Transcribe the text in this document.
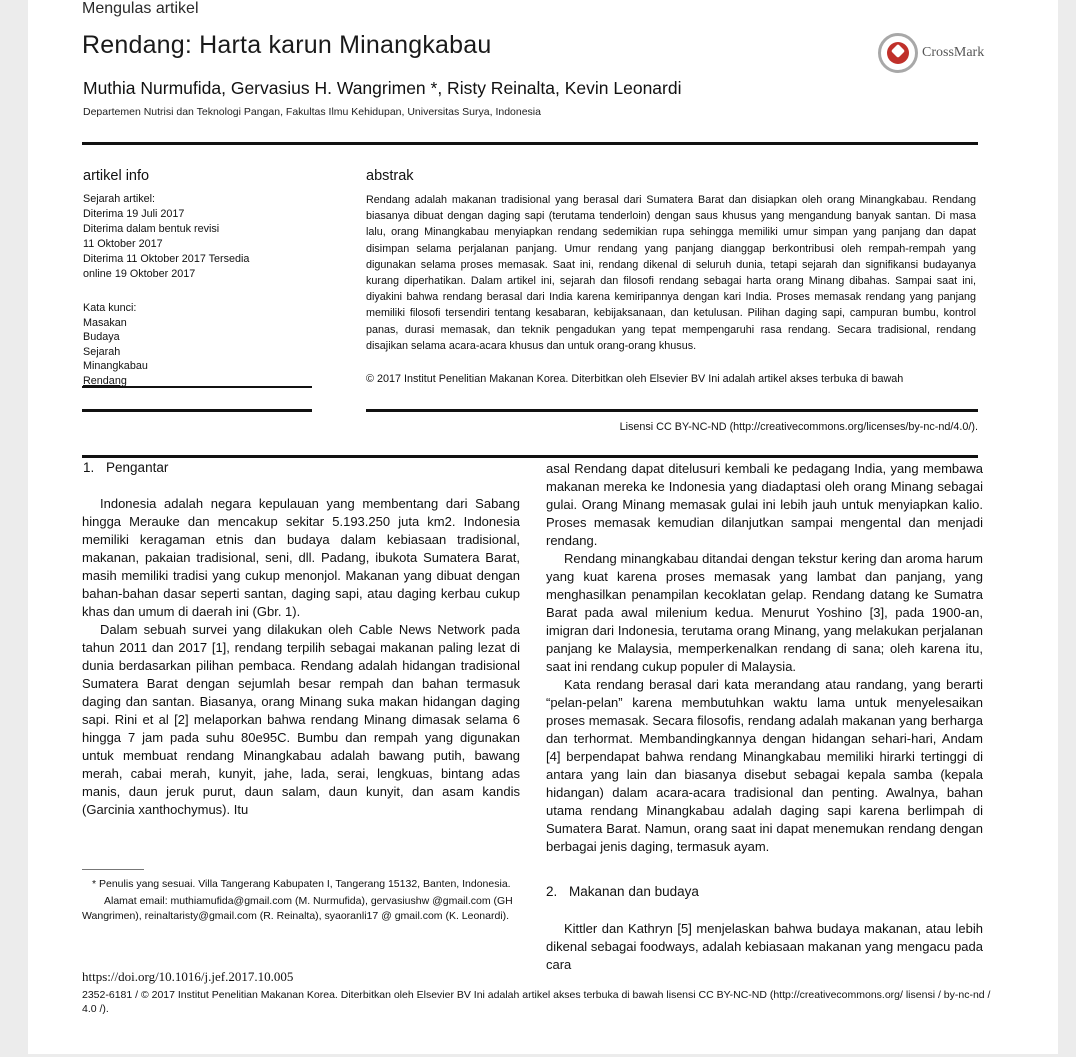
Mengulas artikel
Rendang: Harta karun Minangkabau	CrossMark
Muthia Nurmufida, Gervasius H. Wangrimen *, Risty Reinalta, Kevin Leonardi
Departemen Nutrisi dan Teknologi Pangan, Fakultas Ilmu Kehidupan, Universitas Surya, Indonesia
artikel info
Sejarah artikel:
Diterima 19 Juli 2017
Diterima dalam bentuk revisi
11 Oktober 2017
Diterima 11 Oktober 2017 Tersedia
online 19 Oktober 2017
Kata kunci:
Masakan
Budaya
Sejarah
Minangkabau
Rendang
abstrak
Rendang adalah makanan tradisional yang berasal dari Sumatera Barat dan disiapkan oleh orang Minangkabau. Rendang biasanya dibuat dengan daging sapi (terutama tenderloin) dengan saus khusus yang mengandung banyak santan. Di masa lalu, orang Minangkabau menyiapkan rendang sedemikian rupa sehingga memiliki umur simpan yang panjang dan dapat disimpan selama perjalanan panjang. Umur rendang yang panjang dianggap berkontribusi oleh rempah-rempah yang digunakan selama proses memasak. Saat ini, rendang dikenal di seluruh dunia, tetapi sejarah dan signifikansi budayanya kurang diperhatikan. Dalam artikel ini, sejarah dan filosofi rendang sebagai harta orang Minang dibahas. Sampai saat ini, diyakini bahwa rendang berasal dari India karena kemiripannya dengan kari India. Proses memasak rendang yang panjang memiliki filosofi tersendiri tentang kesabaran, kebijaksanaan, dan ketulusan. Pilihan daging sapi, campuran bumbu, kontrol panas, durasi memasak, dan teknik pengadukan yang tepat mempengaruhi rasa rendang. Secara tradisional, rendang disajikan selama acara-acara khusus dan untuk orang-orang khusus.
© 2017 Institut Penelitian Makanan Korea. Diterbitkan oleh Elsevier BV Ini adalah artikel akses terbuka di bawah
Lisensi CC BY-NC-ND (http://creativecommons.org/licenses/by-nc-nd/4.0/).
1. Pengantar

Indonesia adalah negara kepulauan yang membentang dari Sabang hingga Merauke dan mencakup sekitar 5.193.250 juta km2. Indonesia memiliki keragaman etnis dan budaya dalam kebiasaan tradisional, makanan, pakaian tradisional, seni, dll. Padang, ibukota Sumatera Barat, masih memiliki tradisi yang cukup menonjol. Makanan yang dibuat dengan bahan-bahan dasar seperti santan, daging sapi, atau daging kerbau cukup khas dan umum di daerah ini (Gbr. 1).

Dalam sebuah survei yang dilakukan oleh Cable News Network pada tahun 2011 dan 2017 [1], rendang terpilih sebagai makanan paling lezat di dunia berdasarkan pilihan pembaca. Rendang adalah hidangan tradisional Sumatera Barat dengan sejumlah besar rempah dan bahan termasuk daging dan santan. Biasanya, orang Minang suka makan hidangan daging sapi. Rini et al [2] melaporkan bahwa rendang Minang dimasak selama 6 hingga 7 jam pada suhu 80e95C. Bumbu dan rempah yang digunakan untuk membuat rendang Minangkabau adalah bawang putih, bawang merah, cabai merah, kunyit, jahe, lada, serai, lengkuas, bintang adas manis, daun jeruk purut, daun salam, daun kunyit, dan asam kandis (Garcinia xanthochymus). Itu

* Penulis yang sesuai. Villa Tangerang Kabupaten I, Tangerang 15132, Banten, Indonesia.

Alamat email: muthiamufida@gmail.com (M. Nurmufida), gervasiushw @gmail.com (GH Wangrimen), reinaltaristy@gmail.com (R. Reinalta), syaoranli17 @ gmail.com (K. Leonardi).

asal Rendang dapat ditelusuri kembali ke pedagang India, yang membawa makanan mereka ke Indonesia yang diadaptasi oleh orang Minang sebagai gulai. Orang Minang memasak gulai ini lebih jauh untuk menyiapkan kalio. Proses memasak kemudian dilanjutkan sampai mengental dan menjadi rendang.

Rendang minangkabau ditandai dengan tekstur kering dan aroma harum yang kuat karena proses memasak yang lambat dan panjang, yang menghasilkan penampilan kecoklatan gelap. Rendang datang ke Sumatra Barat pada awal milenium kedua. Menurut Yoshino [3], pada 1900-an, imigran dari Indonesia, terutama orang Minang, yang melakukan perjalanan panjang ke Malaysia, memperkenalkan rendang di sana; oleh karena itu, saat ini rendang cukup populer di Malaysia.

Kata rendang berasal dari kata merandang atau randang, yang berarti “pelan-pelan” karena membutuhkan waktu lama untuk menyelesaikan proses memasak. Secara filosofis, rendang adalah makanan yang berharga dan terhormat. Membandingkannya dengan hidangan sehari-hari, Andam [4] berpendapat bahwa rendang Minangkabau memiliki hirarki tertinggi di antara yang lain dan biasanya disebut sebagai kepala samba (kepala hidangan) dalam acara-acara tradisional dan penting. Awalnya, bahan utama rendang Minangkabau adalah daging sapi karena berlimpah di Sumatera Barat. Namun, orang saat ini dapat menemukan rendang dengan berbagai jenis daging, termasuk ayam.

2. Makanan dan budaya

Kittler dan Kathryn [5] menjelaskan bahwa budaya makanan, atau lebih dikenal sebagai foodways, adalah kebiasaan makanan yang mengacu pada cara

https://doi.org/10.1016/j.jef.2017.10.005
2352-6181 / © 2017 Institut Penelitian Makanan Korea. Diterbitkan oleh Elsevier BV Ini adalah artikel akses terbuka di bawah lisensi CC BY-NC-ND (http://creativecommons.org/ lisensi / by-nc-nd / 4.0 /).
